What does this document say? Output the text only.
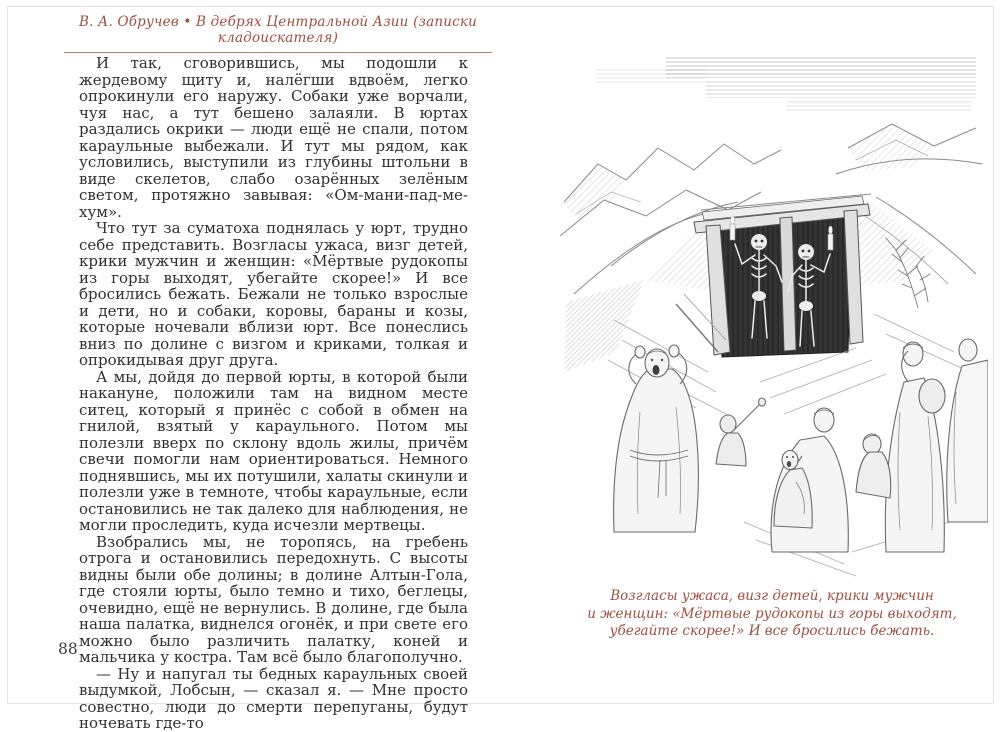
В. А. Обручев • В дебрях Центральной Азии (записки кладоискателя)

И так, сговорившись, мы подошли к жердевому щиту и, налёгши вдвоём, легко опрокинули его наружу. Собаки уже ворчали, чуя нас, а тут бешено залаяли. В юртах раздались окрики — люди ещё не спали, потом караульные выбежали. И тут мы рядом, как условились, выступили из глубины штольни в виде скелетов, слабо озарённых зелёным светом, протяжно завывая: «Ом-мани-пад-ме-хум».

Что тут за суматоха поднялась у юрт, трудно себе представить. Возгласы ужаса, визг детей, крики мужчин и женщин: «Мёртвые рудокопы из горы выходят, убегайте скорее!» И все бросились бежать. Бежали не только взрослые и дети, но и собаки, коровы, бараны и козы, которые ночевали вблизи юрт. Все понеслись вниз по долине с визгом и криками, толкая и опрокидывая друг друга.

А мы, дойдя до первой юрты, в которой были накануне, положили там на видном месте ситец, который я принёс с собой в обмен на гнилой, взятый у караульного. Потом мы полезли вверх по склону вдоль жилы, причём свечи помогли нам ориентироваться. Немного поднявшись, мы их потушили, халаты скинули и полезли уже в темноте, чтобы караульные, если остановились не так далеко для наблюдения, не могли проследить, куда исчезли мертвецы.

Взобрались мы, не торопясь, на гребень отрога и остановились передохнуть. С высоты видны были обе долины; в долине Алтын-Гола, где стояли юрты, было темно и тихо, беглецы, очевидно, ещё не вернулись. В долине, где была наша палатка, виднелся огонёк, и при свете его можно было различить палатку, коней и мальчика у костра. Там всё было благополучно.

— Ну и напугал ты бедных караульных своей выдумкой, Лобсын, — сказал я. — Мне просто совестно, люди до смерти перепуганы, будут ночевать где-то

Возгласы ужаса, визг детей, крики мужчин
и женщин: «Мёртвые рудокопы из горы выходят,
убегайте скорее!» И все бросились бежать.
88
